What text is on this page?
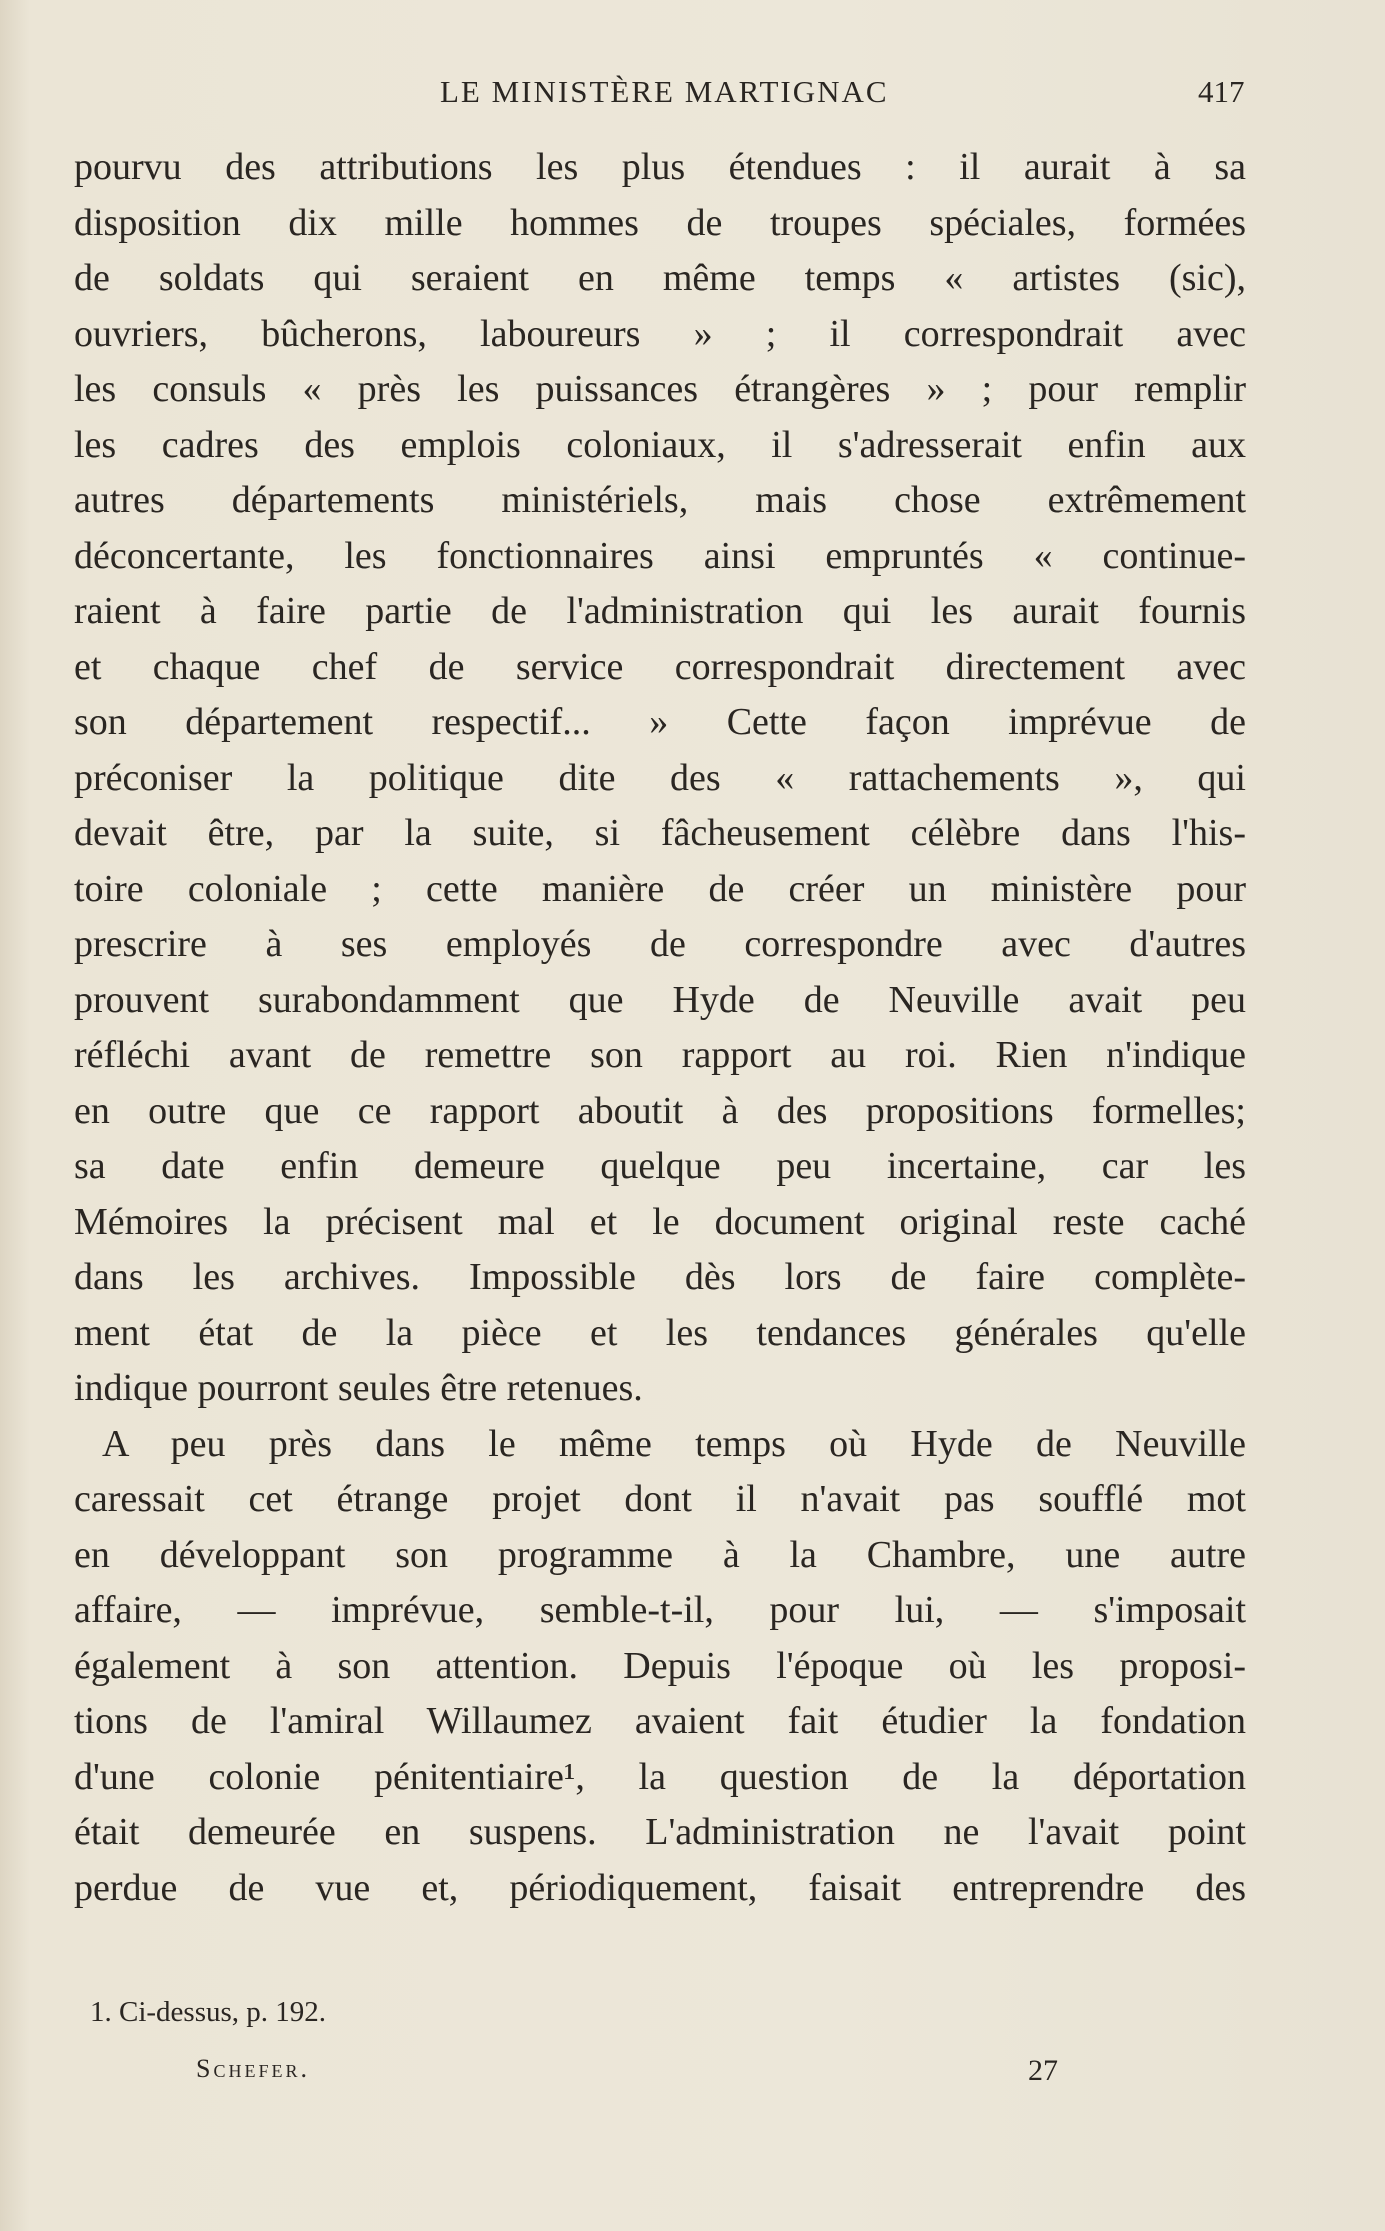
LE MINISTÈRE MARTIGNAC	417
pourvu des attributions les plus étendues : il aurait à sa
disposition dix mille hommes de troupes spéciales, formées
de soldats qui seraient en même temps « artistes (sic),
ouvriers, bûcherons, laboureurs » ; il correspondrait avec
les consuls « près les puissances étrangères » ; pour remplir
les cadres des emplois coloniaux, il s'adresserait enfin aux
autres départements ministériels, mais chose extrêmement
déconcertante, les fonctionnaires ainsi empruntés « continue-
raient à faire partie de l'administration qui les aurait fournis
et chaque chef de service correspondrait directement avec
son département respectif... » Cette façon imprévue de
préconiser la politique dite des « rattachements », qui
devait être, par la suite, si fâcheusement célèbre dans l'his-
toire coloniale ; cette manière de créer un ministère pour
prescrire à ses employés de correspondre avec d'autres
prouvent surabondamment que Hyde de Neuville avait peu
réfléchi avant de remettre son rapport au roi. Rien n'indique
en outre que ce rapport aboutit à des propositions formelles;
sa date enfin demeure quelque peu incertaine, car les
Mémoires la précisent mal et le document original reste caché
dans les archives. Impossible dès lors de faire complète-
ment état de la pièce et les tendances générales qu'elle
indique pourront seules être retenues.
A peu près dans le même temps où Hyde de Neuville
caressait cet étrange projet dont il n'avait pas soufflé mot
en développant son programme à la Chambre, une autre
affaire, — imprévue, semble-t-il, pour lui, — s'imposait
également à son attention. Depuis l'époque où les proposi-
tions de l'amiral Willaumez avaient fait étudier la fondation
d'une colonie pénitentiaire¹, la question de la déportation
était demeurée en suspens. L'administration ne l'avait point
perdue de vue et, périodiquement, faisait entreprendre des
1. Ci-dessus, p. 192.
Schefer.	27
